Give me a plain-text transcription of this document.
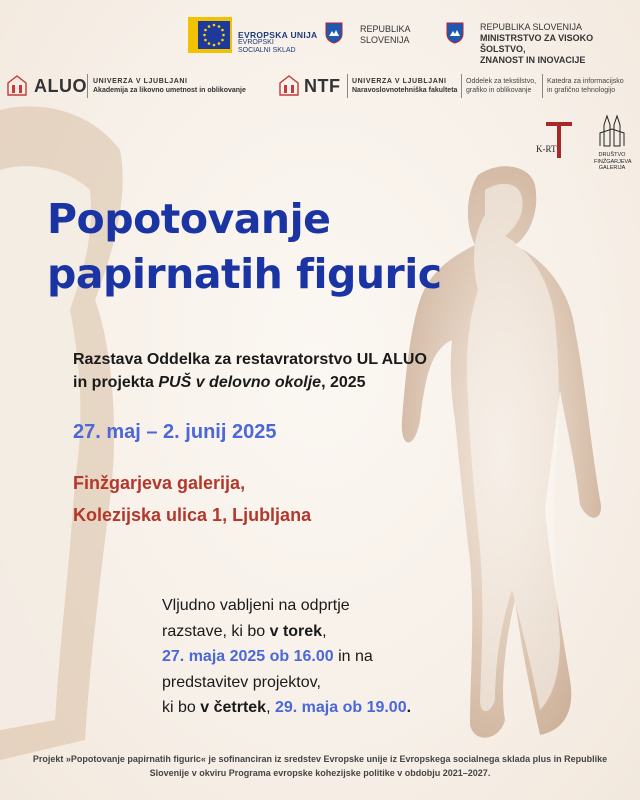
EVROPSKA UNIJA
EVROPSKI
SOCIALNI SKLAD
REPUBLIKA
SLOVENIJA
REPUBLIKA SLOVENIJA
MINISTRSTVO ZA VISOKO ŠOLSTVO,
ZNANOST IN INOVACIJE
ALUO UNIVERZA V LJUBLJANI
Akademija za likovno umetnost in oblikovanje	NTF UNIVERZA V LJUBLJANI
Naravoslovnotehniška fakulteta
Oddelek za tekstilstvo,
grafiko in oblikovanje
Katedra za informacijsko
in grafično tehnologijo
K-RT
DRUŠTVO
FINŽGARJEVA
GALERIJA
Popotovanje
papirnatih figuric
Razstava Oddelka za restavratorstvo UL ALUO
in projekta PUŠ v delovno okolje, 2025
27. maj – 2. junij 2025
Finžgarjeva galerija,
Kolezijska ulica 1, Ljubljana
Vljudno vabljeni na odprtje
razstave, ki bo v torek,
27. maja 2025 ob 16.00 in na
predstavitev projektov,
ki bo v četrtek, 29. maja ob 19.00.
Projekt »Popotovanje papirnatih figuric« je sofinanciran iz sredstev Evropske unije iz Evropskega socialnega sklada plus in Republike
Slovenije v okviru Programa evropske kohezijske politike v obdobju 2021–2027.
